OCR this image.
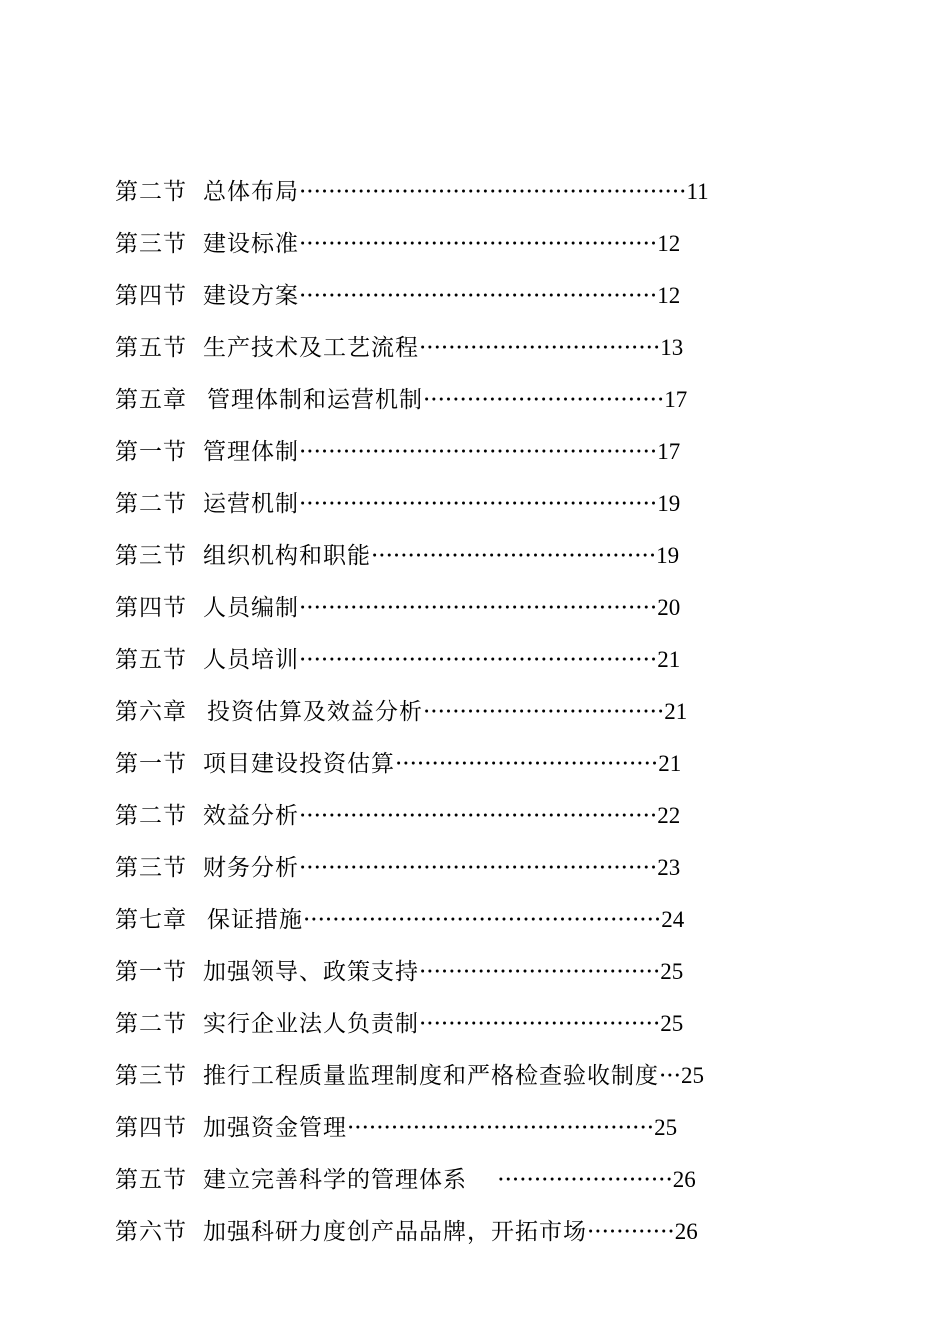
第二节 总体布局 ····················································· 11
第三节 建设标准 ················································· 12
第四节 建设方案 ················································· 12
第五节 生产技术及工艺流程 ································· 13
第五章 管理体制和运营机制 ································· 17
第一节 管理体制 ················································· 17
第二节 运营机制 ················································· 19
第三节 组织机构和职能 ······································· 19
第四节 人员编制 ················································· 20
第五节 人员培训 ················································· 21
第六章 投资估算及效益分析 ································· 21
第一节 项目建设投资估算 ···································· 21
第二节 效益分析 ················································· 22
第三节 财务分析 ················································· 23
第七章 保证措施 ················································· 24
第一节 加强领导、政策支持 ································· 25
第二节 实行企业法人负责制 ································· 25
第三节 推行工程质量监理制度和严格检查验收制度 ··· 25
第四节 加强资金管理 ·········································· 25
第五节 建立完善科学的管理体系 　 ························ 26
第六节 加强科研力度创产品品牌，开拓市场 ············ 26
